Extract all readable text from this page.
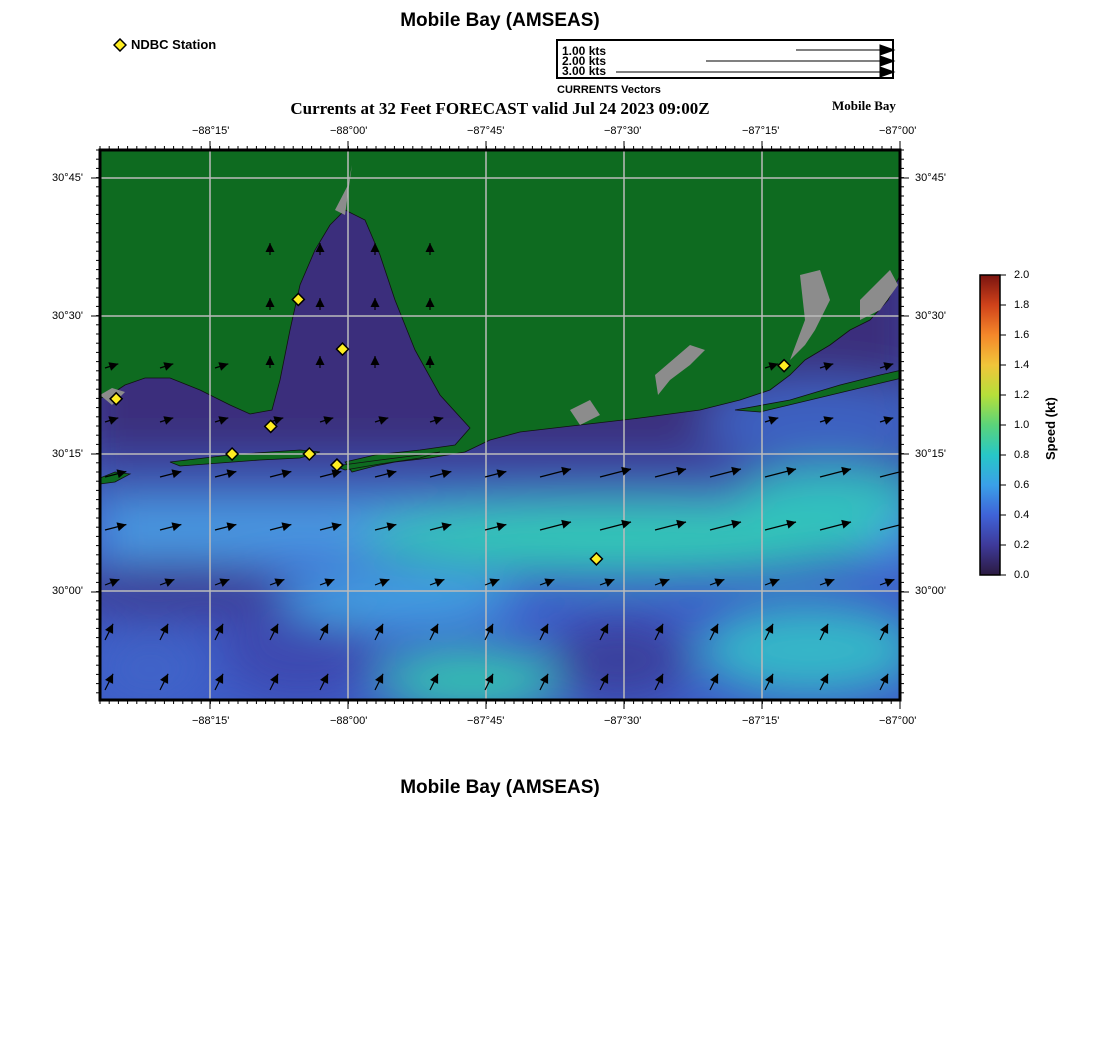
Mobile Bay (AMSEAS)
NDBC Station	1.00 kts
2.00 kts
3.00 kts
CURRENTS Vectors
Currents at 32 Feet FORECAST valid Jul 24 2023 09:00Z	Mobile Bay
−88°15'	−88°00'	−87°45'	−87°30'	−87°15'	−87°00'
−88°15'	−88°00'	−87°45'	−87°30'	−87°15'	−87°00'
30°45'
30°30'
30°15'
30°00'
30°45'
30°30'
30°15'
30°00'
2.0
1.8
1.6
1.4
1.2
1.0
0.8
0.6
0.4
0.2
0.0
Speed (kt)
Mobile Bay (AMSEAS)
